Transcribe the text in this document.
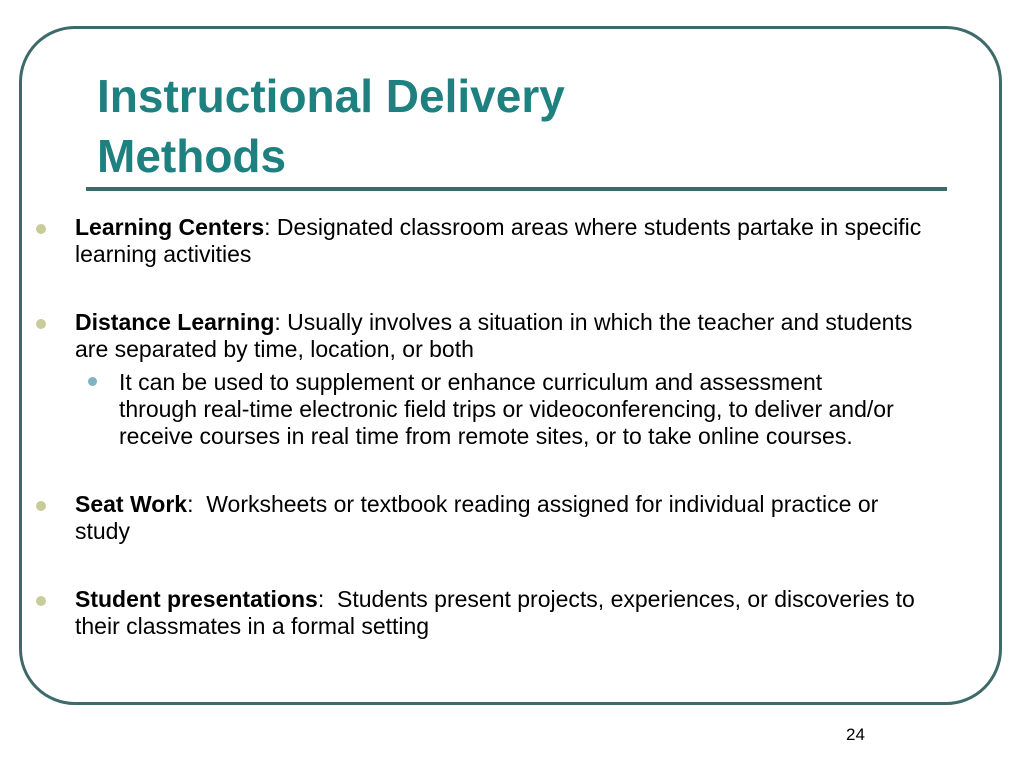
Instructional Delivery
Methods
Learning Centers: Designated classroom areas where students partake in specific learning activities
Distance Learning: Usually involves a situation in which the teacher and students are separated by time, location, or both
It can be used to supplement or enhance curriculum and assessment through real-time electronic field trips or videoconferencing, to deliver and/or receive courses in real time from remote sites, or to take online courses.
Seat Work:  Worksheets or textbook reading assigned for individual practice or study
Student presentations:  Students present projects, experiences, or discoveries to their classmates in a formal setting
24
